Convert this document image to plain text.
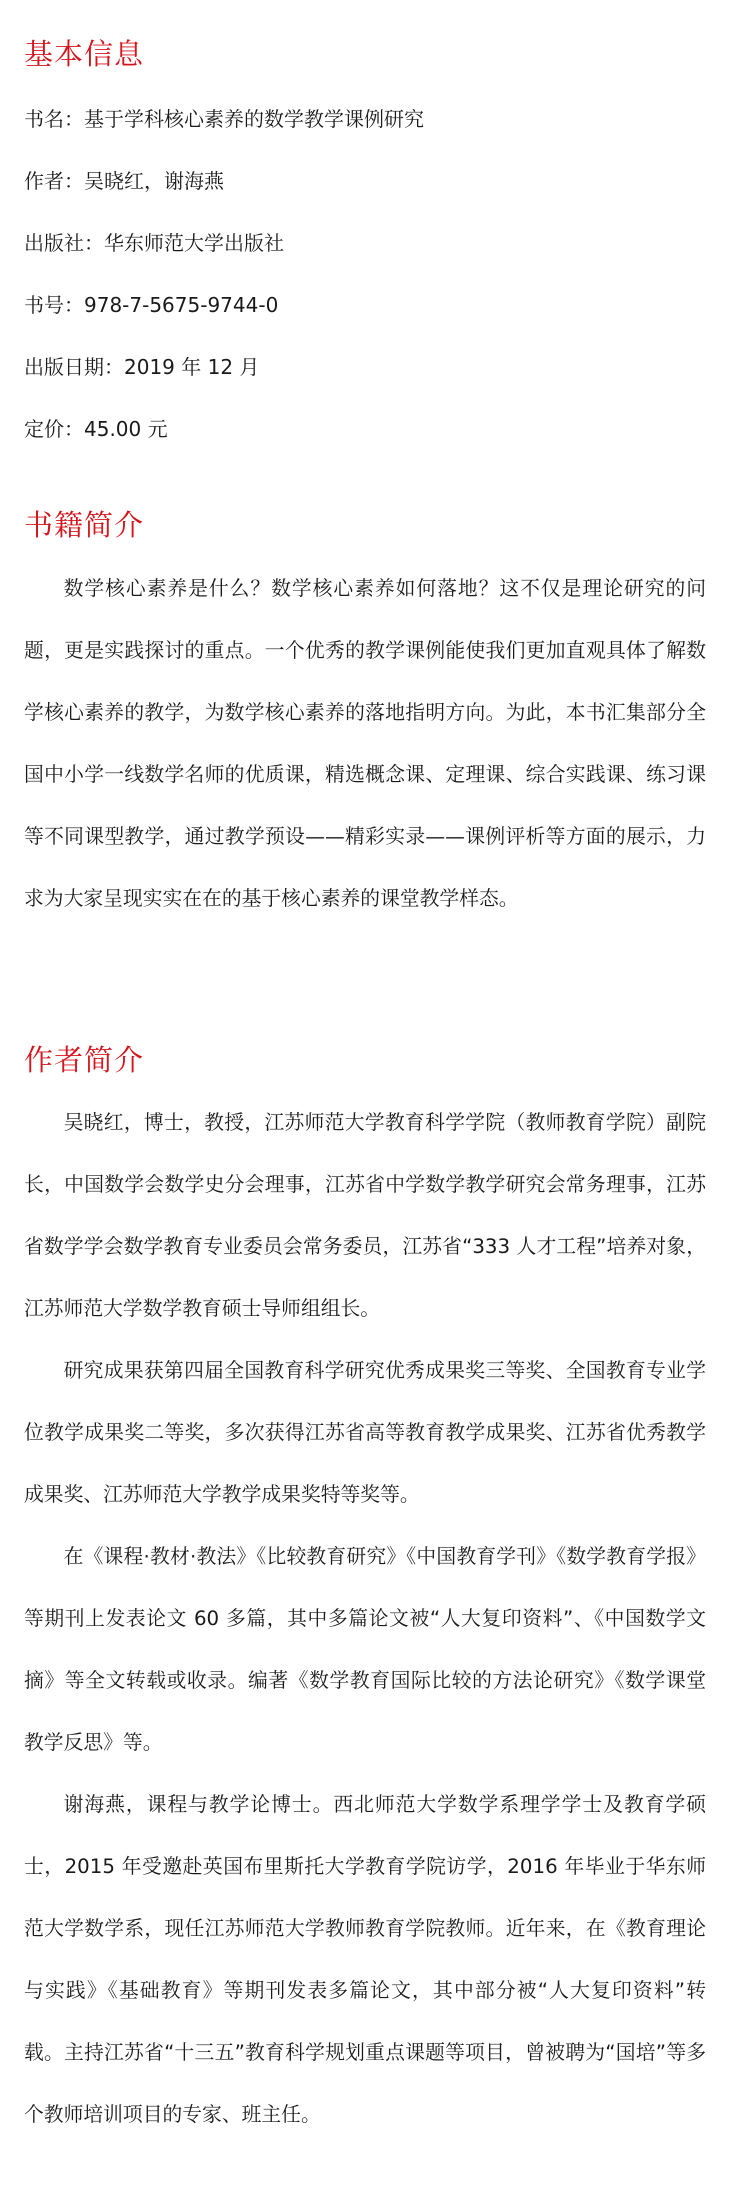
基本信息
书名：基于学科核心素养的数学教学课例研究
作者：吴晓红，谢海燕
出版社：华东师范大学出版社
书号：978-7-5675-9744-0
出版日期：2019 年 12 月
定价：45.00 元
书籍简介

数学核心素养是什么？数学核心素养如何落地？这不仅是理论研究的问题，更是实践探讨的重点。一个优秀的教学课例能使我们更加直观具体了解数学核心素养的教学，为数学核心素养的落地指明方向。为此，本书汇集部分全国中小学一线数学名师的优质课，精选概念课、定理课、综合实践课、练习课等不同课型教学，通过教学预设——精彩实录——课例评析等方面的展示，力求为大家呈现实实在在的基于核心素养的课堂教学样态。

作者简介

吴晓红，博士，教授，江苏师范大学教育科学学院（教师教育学院）副院长，中国数学会数学史分会理事，江苏省中学数学教学研究会常务理事，江苏省数学学会数学教育专业委员会常务委员，江苏省“333 人才工程”培养对象，江苏师范大学数学教育硕士导师组组长。

研究成果获第四届全国教育科学研究优秀成果奖三等奖、全国教育专业学位教学成果奖二等奖，多次获得江苏省高等教育教学成果奖、江苏省优秀教学成果奖、江苏师范大学教学成果奖特等奖等。

在《课程·教材·教法》《比较教育研究》《中国教育学刊》《数学教育学报》等期刊上发表论文 60 多篇，其中多篇论文被“人大复印资料”、《中国数学文摘》等全文转载或收录。编著《数学教育国际比较的方法论研究》《数学课堂教学反思》等。

谢海燕，课程与教学论博士。西北师范大学数学系理学学士及教育学硕士，2015 年受邀赴英国布里斯托大学教育学院访学，2016 年毕业于华东师范大学数学系，现任江苏师范大学教师教育学院教师。近年来，在《教育理论与实践》《基础教育》等期刊发表多篇论文，其中部分被“人大复印资料”转载。主持江苏省“十三五”教育科学规划重点课题等项目，曾被聘为“国培”等多个教师培训项目的专家、班主任。
